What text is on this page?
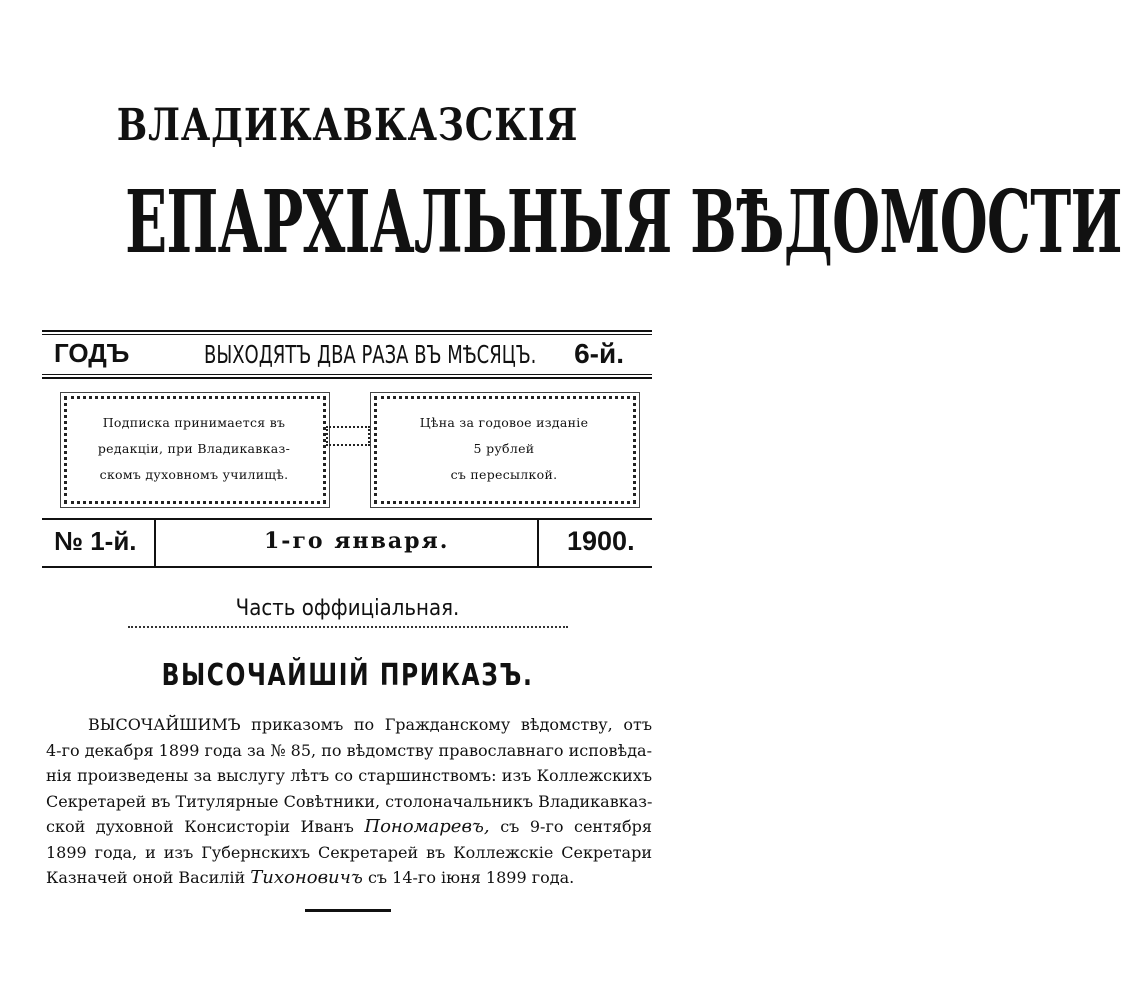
ВЛАДИКАВКАЗСКІЯ
ЕПАРХІАЛЬНЫЯ ВѢДОМОСТИ
ГОДЪ	ВЫХОДЯТЪ ДВА РАЗА ВЪ МѢСЯЦЪ. 6-й.
Подписка принимается въ
редакціи, при Владикавказ-
скомъ духовномъ училищѣ.
Цѣна за годовое изданіе
5 рублей
съ пересылкой.
№ 1-й.	1-го января.	1900.
Часть оффиціальная.
ВЫСОЧАЙШІЙ ПРИКАЗЪ.
ВЫСОЧАЙШИМЪ приказомъ по Гражданскому вѣдомству, отъ
4-го декабря 1899 года за № 85, по вѣдомству православнаго исповѣда-
нія произведены за выслугу лѣтъ со старшинствомъ: изъ Коллежскихъ
Секретарей въ Титулярные Совѣтники, столоначальникъ Владикавказ-
ской духовной Консисторіи Иванъ Пономаревъ, съ 9-го сентября
1899 года, и изъ Губернскихъ Секретарей въ Коллежскіе Секретари
Казначей оной Василій Тихоновичъ съ 14-го іюня 1899 года.
